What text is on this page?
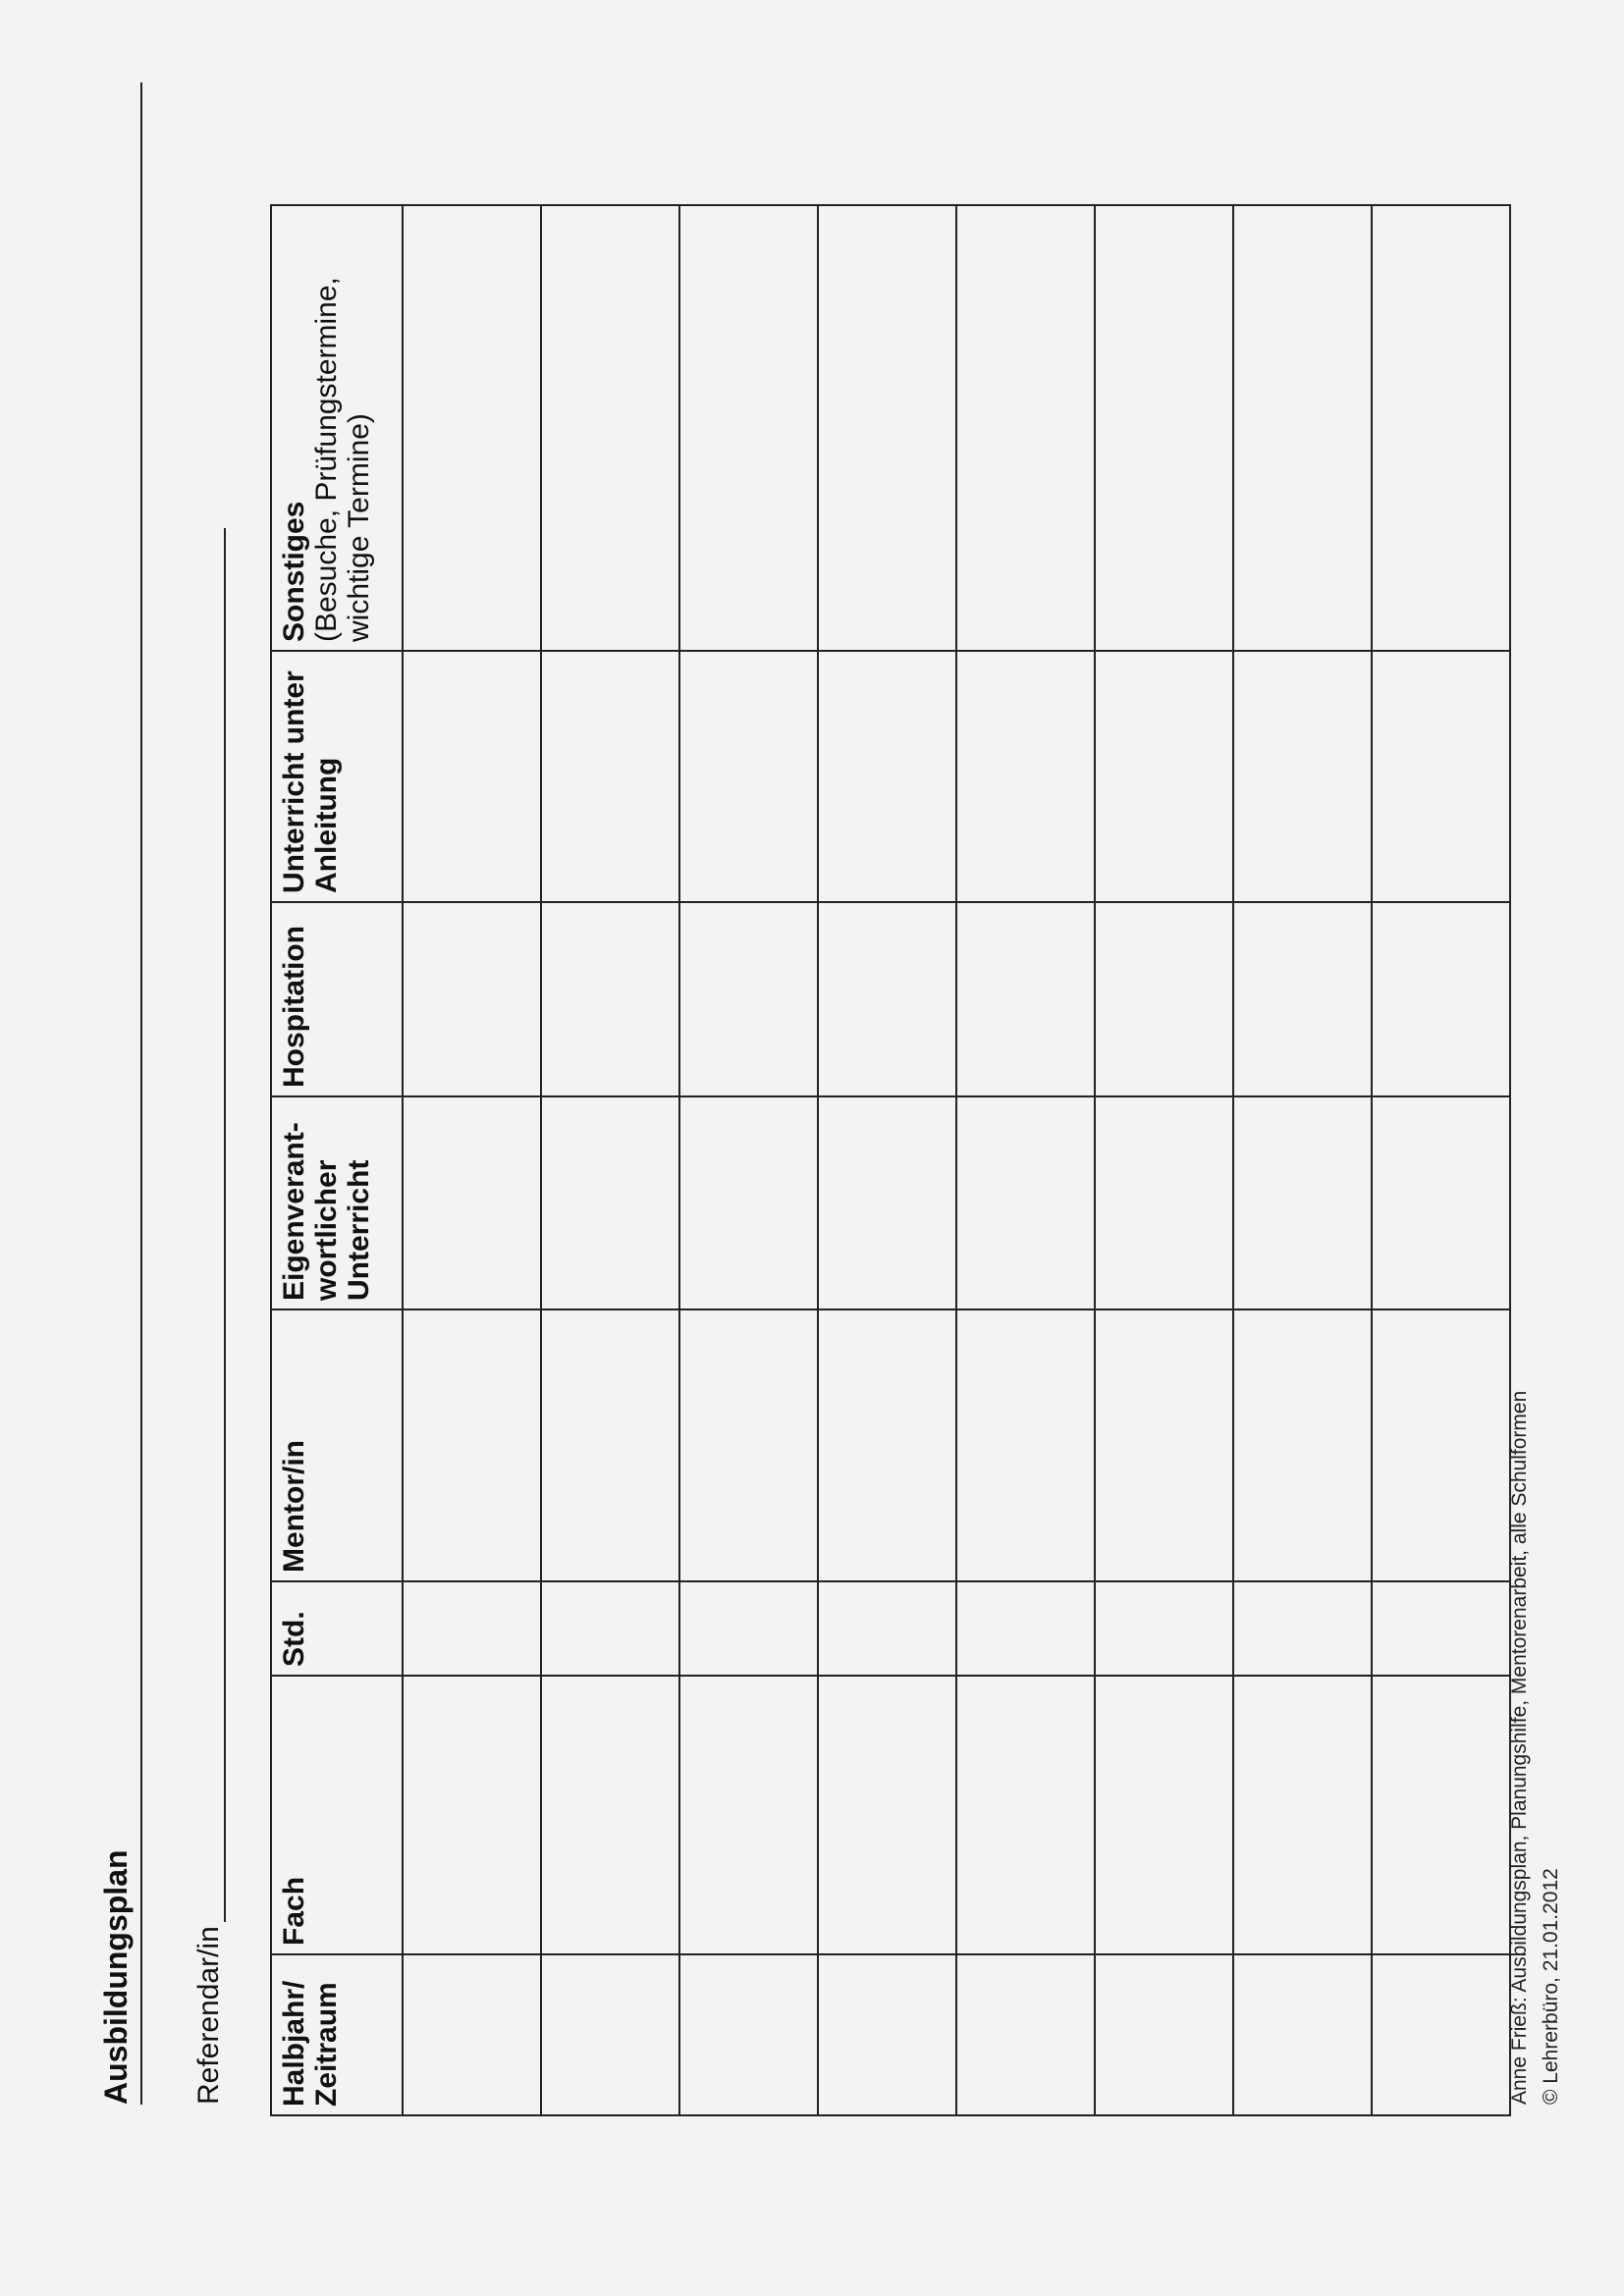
Ausbildungsplan	Referendar/in Halbjahr/ Zeitraum	Fach	Std.	Mentor/in	Eigenverant-wortlicher Unterricht	Hospitation	Unterricht unter Anleitung	Sonstiges (Besuche, Prüfungstermine, wichtige Termine)

Anne Frieß: Ausbildungsplan, Planungshilfe, Mentorenarbeit, alle Schulformen © Lehrerbüro, 21.01.2012
